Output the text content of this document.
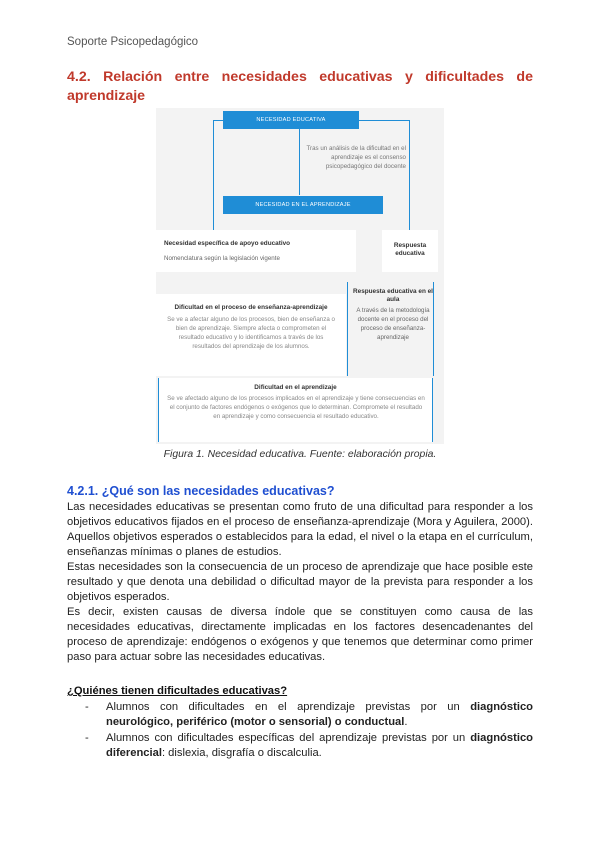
Soporte Psicopedagógico
4.2. Relación entre necesidades educativas y dificultades de aprendizaje
NECESIDAD EDUCATIVA
Tras un análisis de la dificultad en el aprendizaje es el consenso psicopedagógico del docente
NECESIDAD EN EL APRENDIZAJE
Necesidad específica de apoyo educativo
Nomenclatura según la legislación vigente
Respuesta educativa
Dificultad en el proceso de enseñanza-aprendizaje
Se ve a afectar alguno de los procesos, bien de enseñanza o bien de aprendizaje. Siempre afecta o comprometen el resultado educativo y lo identificamos a través de los resultados del aprendizaje de los alumnos.
Respuesta educativa en el aula
A través de la metodología docente en el proceso del proceso de enseñanza-aprendizaje
Dificultad en el aprendizaje
Se ve afectado alguno de los procesos implicados en el aprendizaje y tiene consecuencias en el conjunto de factores endógenos o exógenos que lo determinan. Compromete el resultado en aprendizaje y como consecuencia el resultado educativo.
Figura 1. Necesidad educativa. Fuente: elaboración propia.
4.2.1. ¿Qué son las necesidades educativas?

Las necesidades educativas se presentan como fruto de una dificultad para responder a los objetivos educativos fijados en el proceso de enseñanza-aprendizaje (Mora y Aguilera, 2000). Aquellos objetivos esperados o establecidos para la edad, el nivel o la etapa en el currículum, enseñanzas mínimas o planes de estudios.

Estas necesidades son la consecuencia de un proceso de aprendizaje que hace posible este resultado y que denota una debilidad o dificultad mayor de la prevista para responder a los objetivos esperados.

Es decir, existen causas de diversa índole que se constituyen como causa de las necesidades educativas, directamente implicadas en los factores desencadenantes del proceso de aprendizaje: endógenos o exógenos y que tenemos que determinar como primer paso para actuar sobre las necesidades educativas.

¿Quiénes tienen dificultades educativas?
- Alumnos con dificultades en el aprendizaje previstas por un diagnóstico neurológico, periférico (motor o sensorial) o conductual.
- Alumnos con dificultades específicas del aprendizaje previstas por un diagnóstico diferencial: dislexia, disgrafía o discalculia.
